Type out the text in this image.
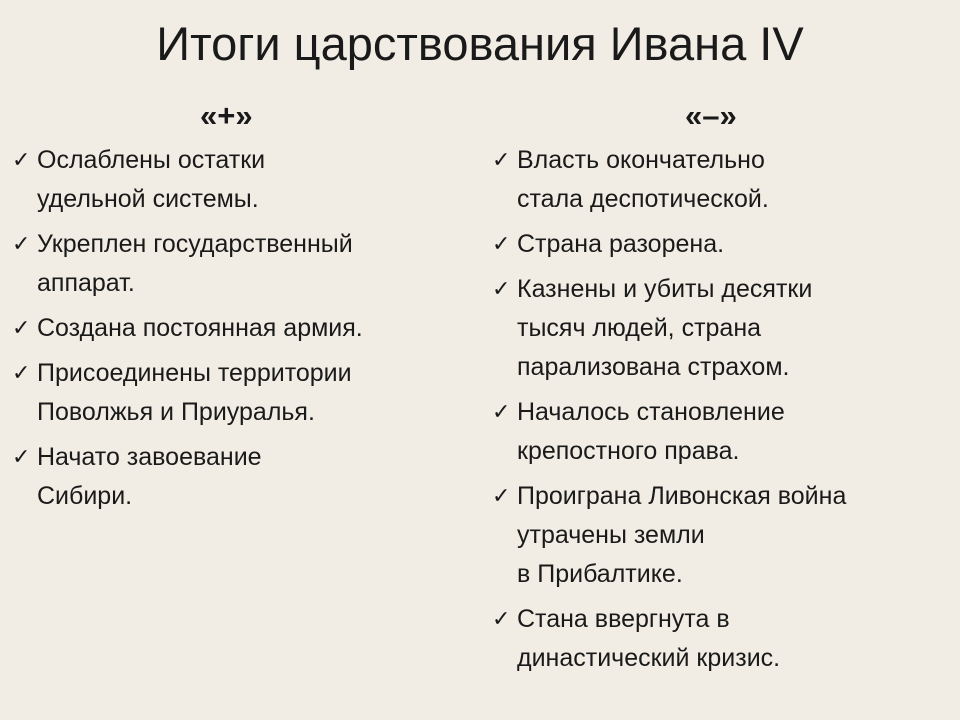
Итоги царствования Ивана IV
«+»
✓ Ослаблены остатки
удельной системы.
✓ Укреплен государственный
аппарат.
✓ Создана постоянная армия.
✓ Присоединены территории
Поволжья и Приуралья.
✓ Начато завоевание
Сибири.
«–»
✓ Власть окончательно
стала деспотической.
✓ Страна разорена.
✓ Казнены и убиты десятки
тысяч людей, страна
парализована страхом.
✓ Началось становление
крепостного права.
✓ Проиграна Ливонская война
утрачены земли
в Прибалтике.
✓ Стана ввергнута в
династический кризис.
